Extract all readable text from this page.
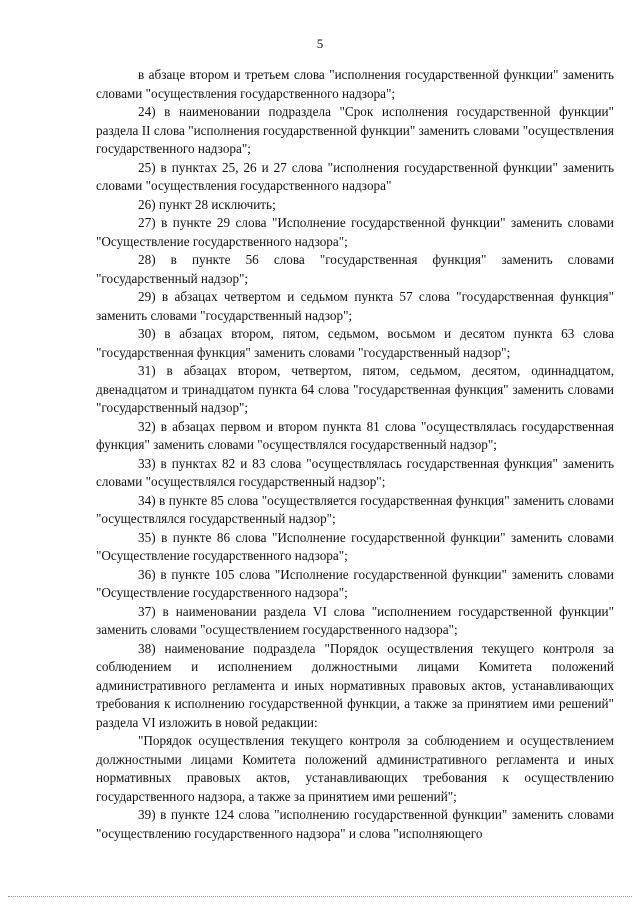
5

в абзаце втором и третьем слова "исполнения государственной функции" заменить словами "осуществления государственного надзора";

24) в наименовании подраздела "Срок исполнения государственной функции" раздела II слова "исполнения государственной функции" заменить словами "осуществления государственного надзора";

25) в пунктах 25, 26 и 27 слова "исполнения государственной функции" заменить словами "осуществления государственного надзора"

26) пункт 28 исключить;

27) в пункте 29 слова "Исполнение государственной функции" заменить словами "Осуществление государственного надзора";

28) в пункте 56 слова "государственная функция" заменить словами "государственный надзор";

29) в абзацах четвертом и седьмом пункта 57 слова "государственная функция" заменить словами "государственный надзор";

30) в абзацах втором, пятом, седьмом, восьмом и десятом пункта 63 слова "государственная функция" заменить словами "государственный надзор";

31) в абзацах втором, четвертом, пятом, седьмом, десятом, одиннадцатом, двенадцатом и тринадцатом пункта 64 слова "государственная функция" заменить словами "государственный надзор";

32) в абзацах первом и втором пункта 81 слова "осуществлялась государственная функция" заменить словами "осуществлялся государственный надзор";

33) в пунктах 82 и 83 слова "осуществлялась государственная функция" заменить словами "осуществлялся государственный надзор";

34) в пункте 85 слова "осуществляется государственная функция" заменить словами "осуществлялся государственный надзор";

35) в пункте 86 слова "Исполнение государственной функции" заменить словами "Осуществление государственного надзора";

36) в пункте 105 слова "Исполнение государственной функции" заменить словами "Осуществление государственного надзора";

37) в наименовании раздела VI слова "исполнением государственной функции" заменить словами "осуществлением государственного надзора";

38) наименование подраздела "Порядок осуществления текущего контроля за соблюдением и исполнением должностными лицами Комитета положений административного регламента и иных нормативных правовых актов, устанавливающих требования к исполнению государственной функции, а также за принятием ими решений" раздела VI изложить в новой редакции:

"Порядок осуществления текущего контроля за соблюдением и осуществлением должностными лицами Комитета положений административного регламента и иных нормативных правовых актов, устанавливающих требования к осуществлению государственного надзора, а также за принятием ими решений";

39) в пункте 124 слова "исполнению государственной функции" заменить словами "осуществлению государственного надзора" и слова "исполняющего
